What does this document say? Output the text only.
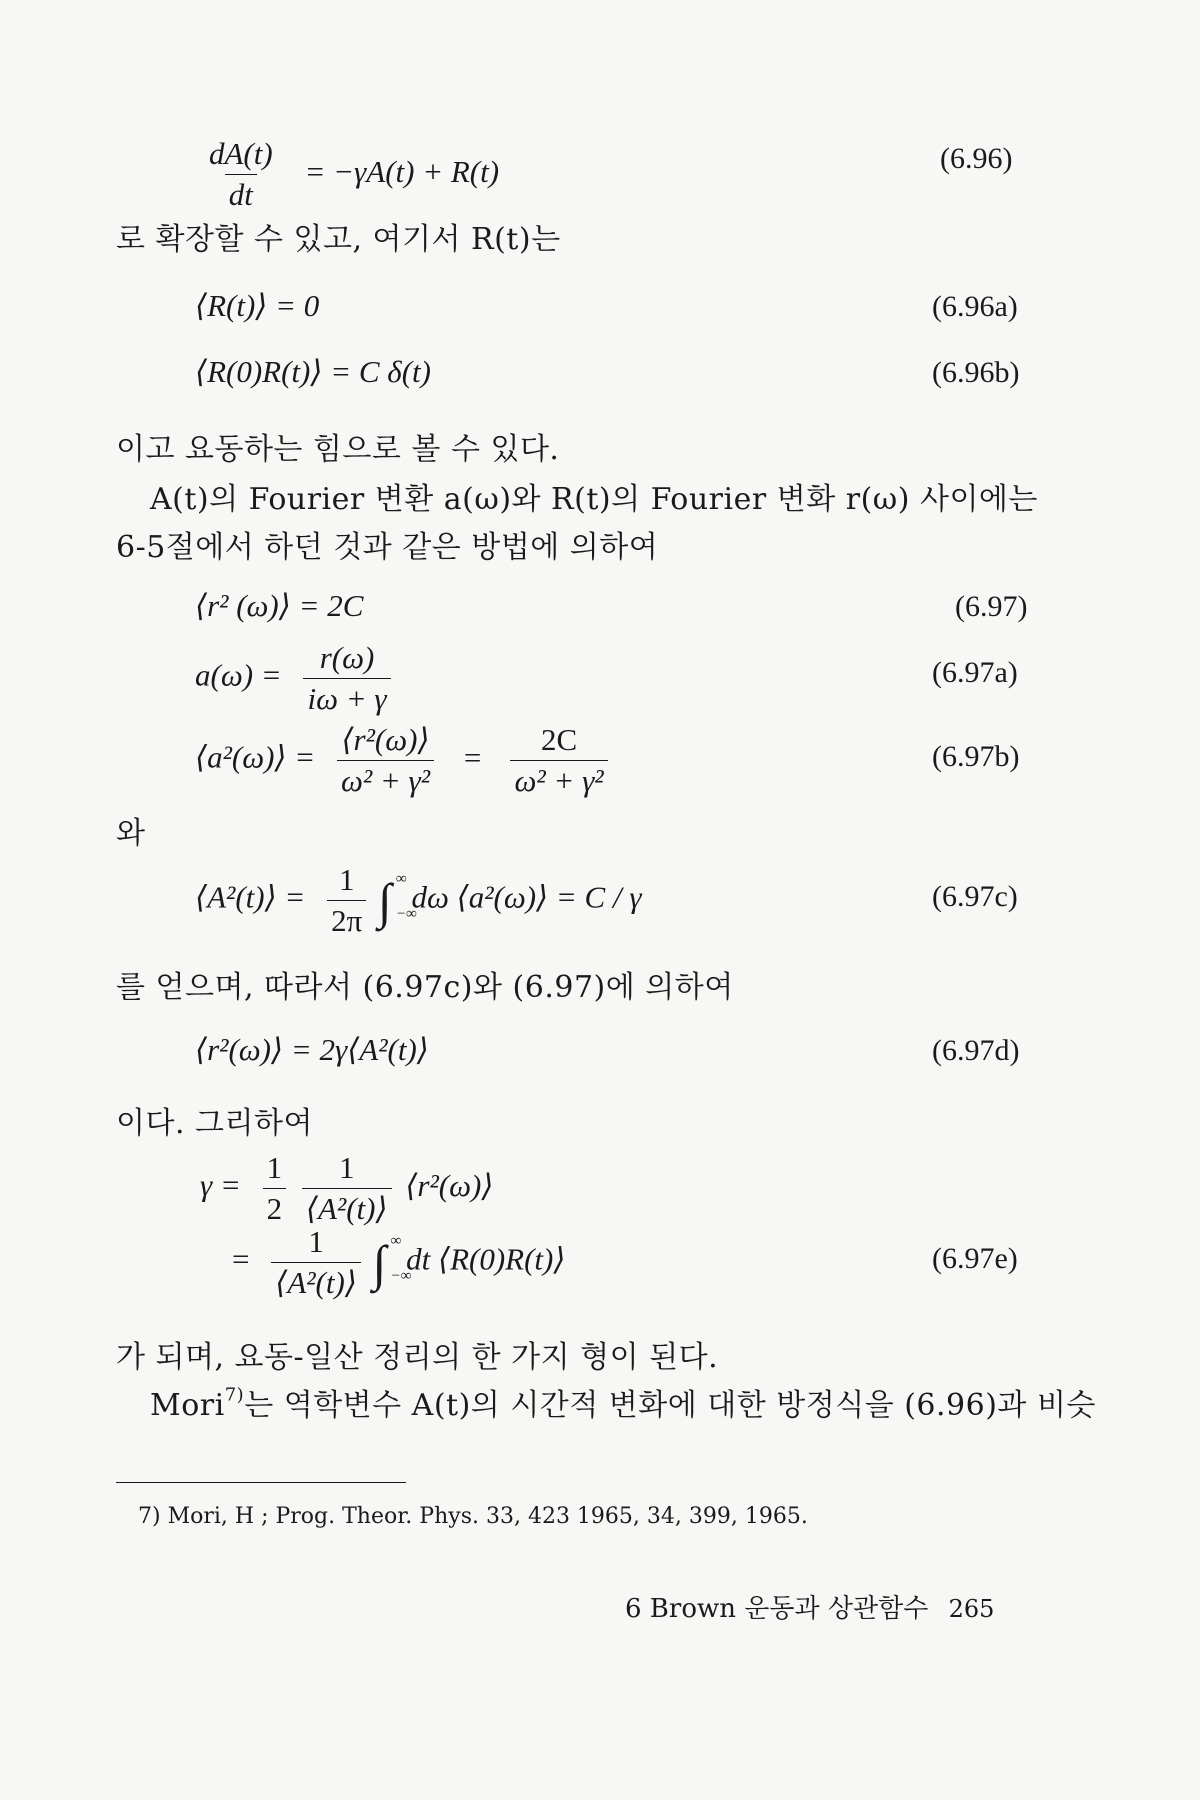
$\frac{dA(t)}{dt} = -\gamma A(t) + R(t)$	(6.96)
로 확장할 수 있고, 여기서 R(t)는
⟨R(t)⟩ = 0	(6.96a)
⟨R(0)R(t)⟩ = C δ(t)	(6.96b)
이고 요동하는 힘으로 볼 수 있다.
A(t)의 Fourier 변환 a(ω)와 R(t)의 Fourier 변화 r(ω) 사이에는
6-5절에서 하던 것과 같은 방법에 의하여
⟨r² (ω)⟩ = 2C	(6.97)
$a(\omega) = \frac{r(\omega)}{i\omega + \gamma}$	(6.97a)
⟨a²(ω)⟩ = $\frac{\text{⟨r²(ω)⟩}}{\text{ω² + γ²}} = \frac{2C}{\text{ω² + γ²}}$	(6.97b)
와
⟨A²(t)⟩ = $\frac{1}{2\pi}$ ∫ ∞
−∞
dω ⟨a²(ω)⟩ = C / γ	(6.97c)
를 얻으며, 따라서 (6.97c)와 (6.97)에 의하여
⟨r²(ω)⟩ = 2γ⟨A²(t)⟩	(6.97d)
이다. 그리하여
$\gamma = \frac{1}{2}$
$\frac{1}{\text{⟨A²(t)⟩}}$ ⟨r²(ω)⟩
= $\frac{1}{\text{⟨A²(t)⟩}}$ ∫ ∞
−∞
dt ⟨R(0)R(t)⟩	(6.97e)
가 되며, 요동-일산 정리의 한 가지 형이 된다.
Mori$^{7)}$는 역학변수 A(t)의 시간적 변화에 대한 방정식을 (6.96)과 비슷
7) Mori, H ; Prog. Theor. Phys. 33, 423 1965, 34, 399, 1965.
6 Brown 운동과 상관함수 265
